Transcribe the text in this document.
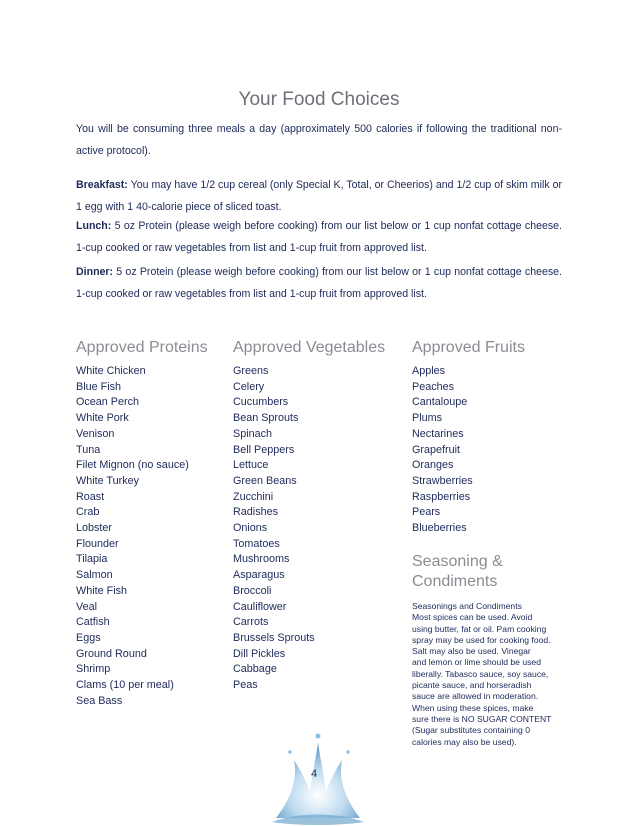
Your Food Choices

You will be consuming three meals a day (approximately 500 calories if following the traditional non-active protocol).

Breakfast: You may have 1/2 cup cereal (only Special K, Total, or Cheerios) and 1/2 cup of skim milk or 1 egg with 1 40-calorie piece of sliced toast.

Lunch: 5 oz Protein (please weigh before cooking) from our list below or 1 cup nonfat cottage cheese. 1-cup cooked or raw vegetables from list and 1-cup fruit from approved list.

Dinner: 5 oz Protein (please weigh before cooking) from our list below or 1 cup nonfat cottage cheese. 1-cup cooked or raw vegetables from list and 1-cup fruit from approved list.

Approved Proteins Approved Vegetables Approved Fruits
White Chicken
Blue Fish
Ocean Perch
White Pork
Venison
Tuna
Filet Mignon (no sauce)
White Turkey
Roast
Crab
Lobster
Flounder
Tilapia
Salmon
White Fish
Veal
Catfish
Eggs
Ground Round
Shrimp
Clams (10 per meal)
Sea Bass
Greens
Celery
Cucumbers
Bean Sprouts
Spinach
Bell Peppers
Lettuce
Green Beans
Zucchini
Radishes
Onions
Tomatoes
Mushrooms
Asparagus
Broccoli
Cauliflower
Carrots
Brussels Sprouts
Dill Pickles
Cabbage
Peas
Apples
Peaches
Cantaloupe
Plums
Nectarines
Grapefruit
Oranges
Strawberries
Raspberries
Pears
Blueberries
Seasoning &
Condiments
Seasonings and Condiments
Most spices can be used. Avoid
using butter, fat or oil. Pam cooking
spray may be used for cooking food.
Salt may also be used. Vinegar
and lemon or lime should be used
liberally. Tabasco sauce, soy sauce,
picante sauce, and horseradish
sauce are allowed in moderation.
When using these spices, make
sure there is NO SUGAR CONTENT
(Sugar substitutes containing 0
calories may also be used).
4
